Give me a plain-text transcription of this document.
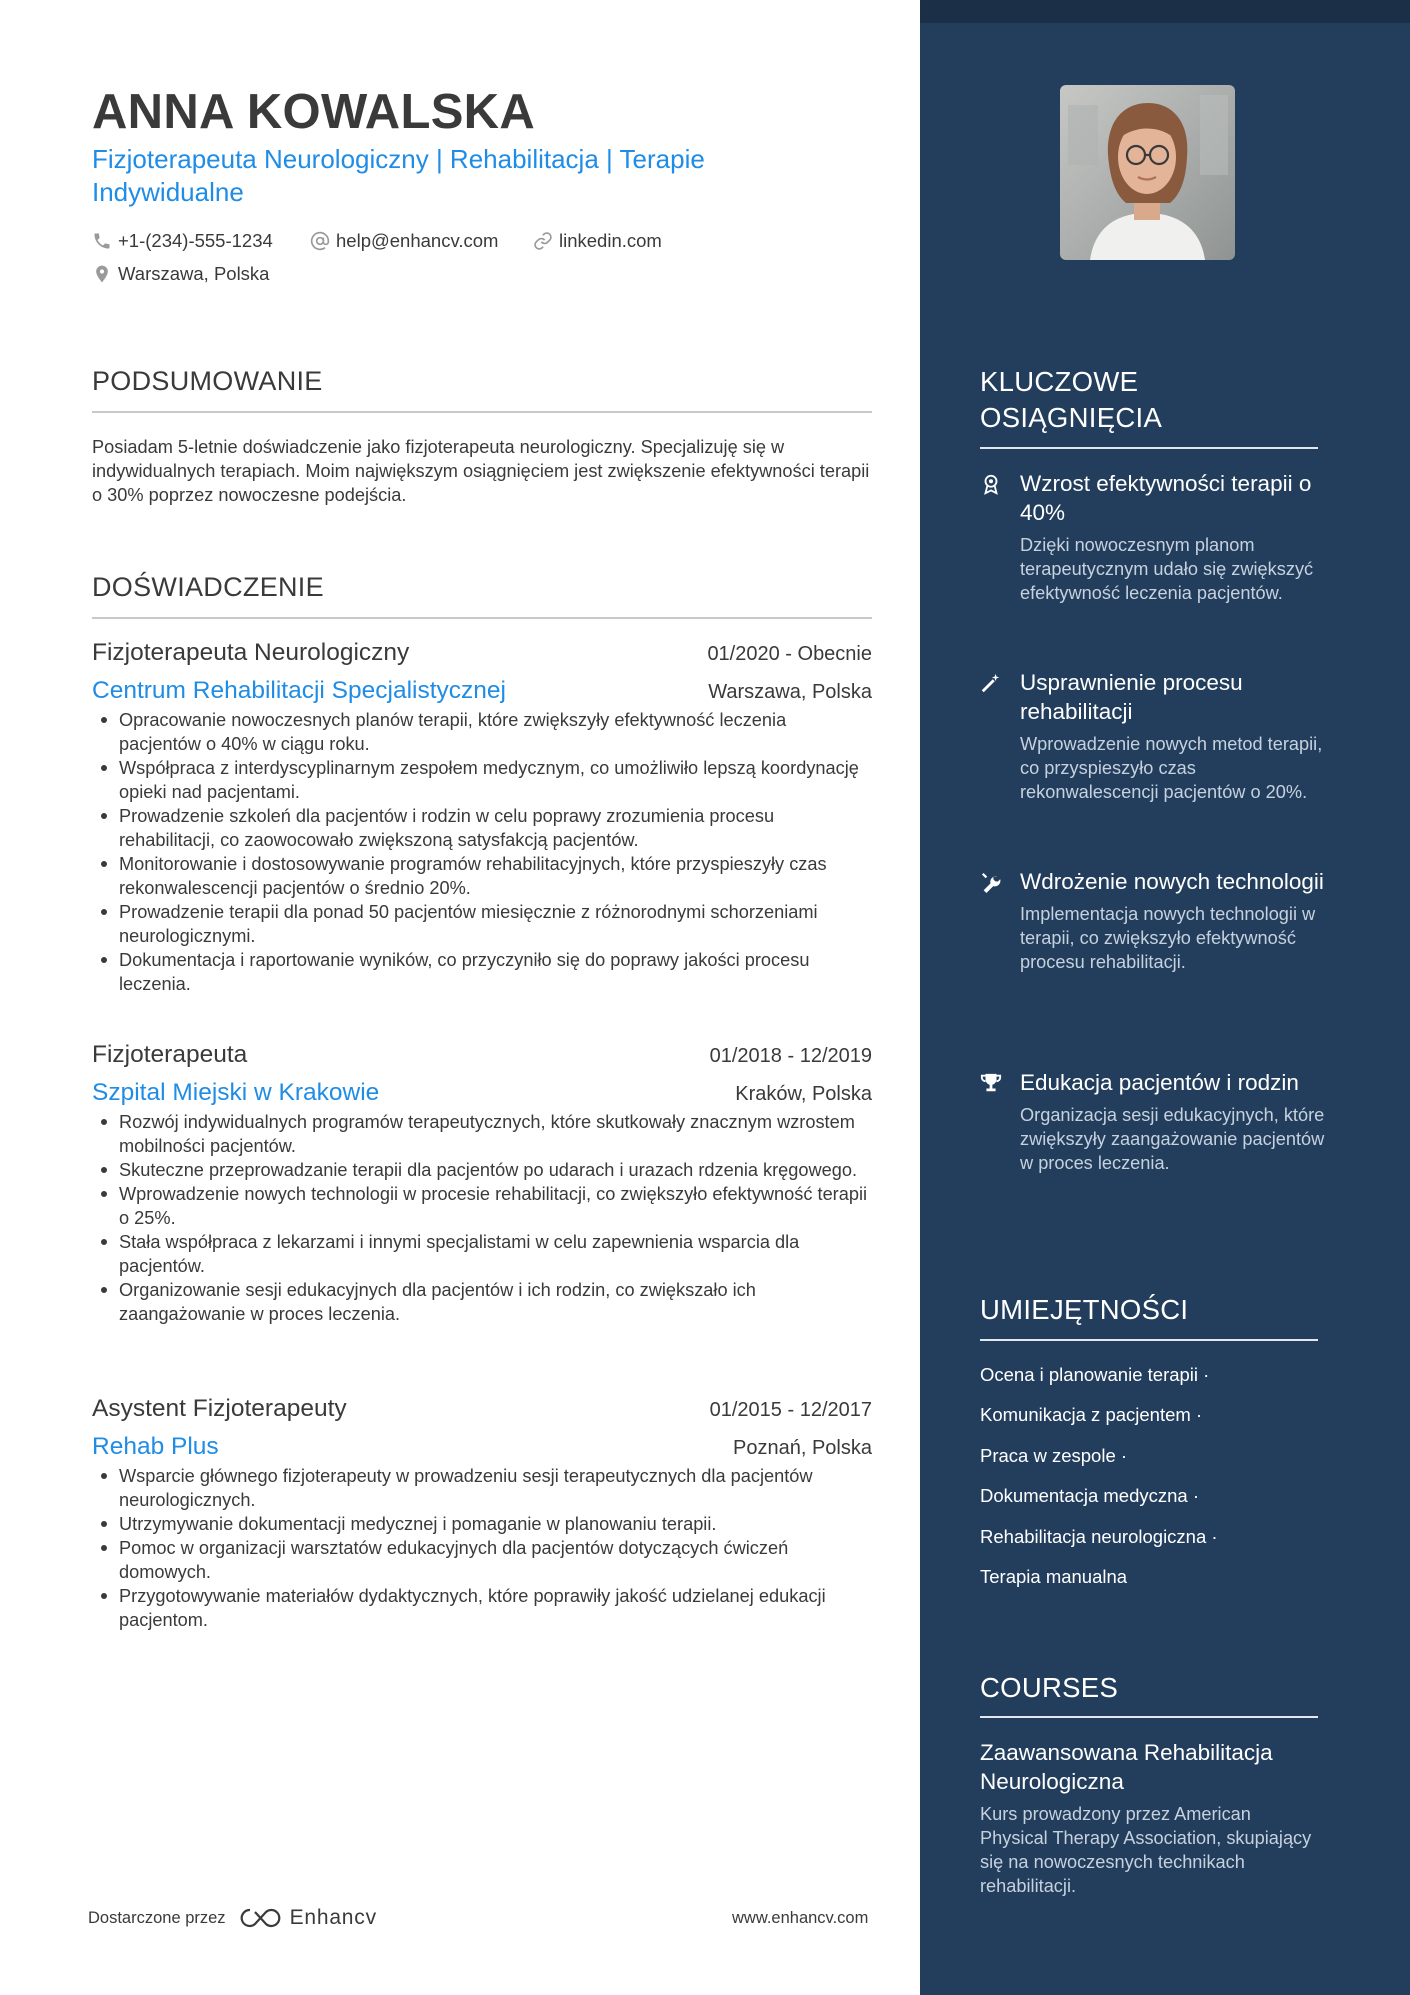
ANNA KOWALSKA
Fizjoterapeuta Neurologiczny | Rehabilitacja | Terapie Indywidualne
+1-(234)-555-1234	help@enhancv.com	linkedin.com
Warszawa, Polska
PODSUMOWANIE
Posiadam 5-letnie doświadczenie jako fizjoterapeuta neurologiczny. Specjalizuję się w indywidualnych terapiach. Moim największym osiągnięciem jest zwiększenie efektywności terapii o 30% poprzez nowoczesne podejścia.
DOŚWIADCZENIE
Fizjoterapeuta Neurologiczny	01/2020 - Obecnie
Centrum Rehabilitacji Specjalistycznej	Warszawa, Polska
Opracowanie nowoczesnych planów terapii, które zwiększyły efektywność leczenia pacjentów o 40% w ciągu roku.
Współpraca z interdyscyplinarnym zespołem medycznym, co umożliwiło lepszą koordynację opieki nad pacjentami.
Prowadzenie szkoleń dla pacjentów i rodzin w celu poprawy zrozumienia procesu rehabilitacji, co zaowocowało zwiększoną satysfakcją pacjentów.
Monitorowanie i dostosowywanie programów rehabilitacyjnych, które przyspieszyły czas rekonwalescencji pacjentów o średnio 20%.
Prowadzenie terapii dla ponad 50 pacjentów miesięcznie z różnorodnymi schorzeniami neurologicznymi.
Dokumentacja i raportowanie wyników, co przyczyniło się do poprawy jakości procesu leczenia.
Fizjoterapeuta	01/2018 - 12/2019
Szpital Miejski w Krakowie	Kraków, Polska
Rozwój indywidualnych programów terapeutycznych, które skutkowały znacznym wzrostem mobilności pacjentów.
Skuteczne przeprowadzanie terapii dla pacjentów po udarach i urazach rdzenia kręgowego.
Wprowadzenie nowych technologii w procesie rehabilitacji, co zwiększyło efektywność terapii o 25%.
Stała współpraca z lekarzami i innymi specjalistami w celu zapewnienia wsparcia dla pacjentów.
Organizowanie sesji edukacyjnych dla pacjentów i ich rodzin, co zwiększało ich zaangażowanie w proces leczenia.
Asystent Fizjoterapeuty	01/2015 - 12/2017
Rehab Plus	Poznań, Polska
Wsparcie głównego fizjoterapeuty w prowadzeniu sesji terapeutycznych dla pacjentów neurologicznych.
Utrzymywanie dokumentacji medycznej i pomaganie w planowaniu terapii.
Pomoc w organizacji warsztatów edukacyjnych dla pacjentów dotyczących ćwiczeń domowych.
Przygotowywanie materiałów dydaktycznych, które poprawiły jakość udzielanej edukacji pacjentom.
KLUCZOWE OSIĄGNIĘCIA
Wzrost efektywności terapii o 40%
Dzięki nowoczesnym planom terapeutycznym udało się zwiększyć efektywność leczenia pacjentów.
Usprawnienie procesu rehabilitacji
Wprowadzenie nowych metod terapii, co przyspieszyło czas rekonwalescencji pacjentów o 20%.
Wdrożenie nowych technologii
Implementacja nowych technologii w terapii, co zwiększyło efektywność procesu rehabilitacji.
Edukacja pacjentów i rodzin
Organizacja sesji edukacyjnych, które zwiększyły zaangażowanie pacjentów w proces leczenia.
UMIEJĘTNOŚCI
Ocena i planowanie terapii ·
Komunikacja z pacjentem ·
Praca w zespole ·
Dokumentacja medyczna ·
Rehabilitacja neurologiczna ·
Terapia manualna
COURSES
Zaawansowana Rehabilitacja Neurologiczna
Kurs prowadzony przez American Physical Therapy Association, skupiający się na nowoczesnych technikach rehabilitacji.
Dostarczone przez	Enhancv	www.enhancv.com
